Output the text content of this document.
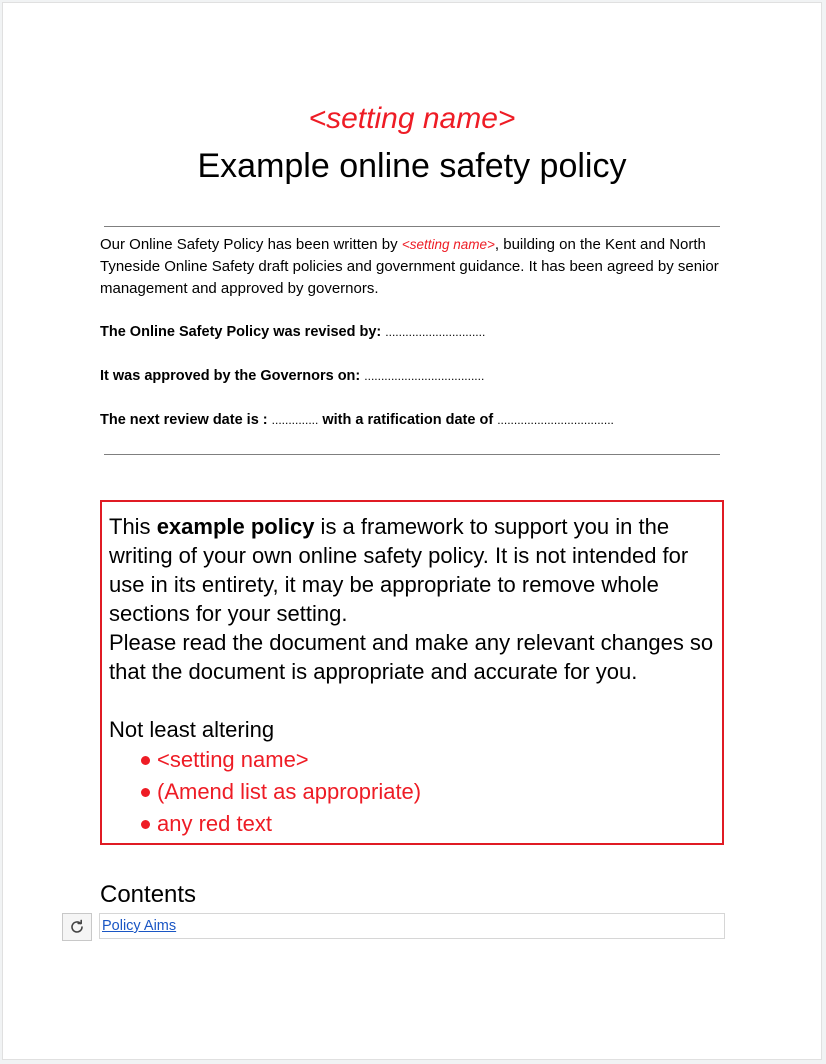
<setting name>
Example online safety policy
Our Online Safety Policy has been written by <setting name>, building on the Kent and North Tyneside Online Safety draft policies and government guidance. It has been agreed by senior management and approved by governors.
The Online Safety Policy was revised by: ..............................
It was approved by the Governors on: ....................................
The next review date is : .............. with a ratification date of ...................................

This example policy is a framework to support you in the writing of your own online safety policy. It is not intended for use in its entirety, it may be appropriate to remove whole sections for your setting.

Please read the document and make any relevant changes so that the document is appropriate and accurate for you.

Not least altering

<setting name>
(Amend list as appropriate)
any red text
Contents
Policy Aims
